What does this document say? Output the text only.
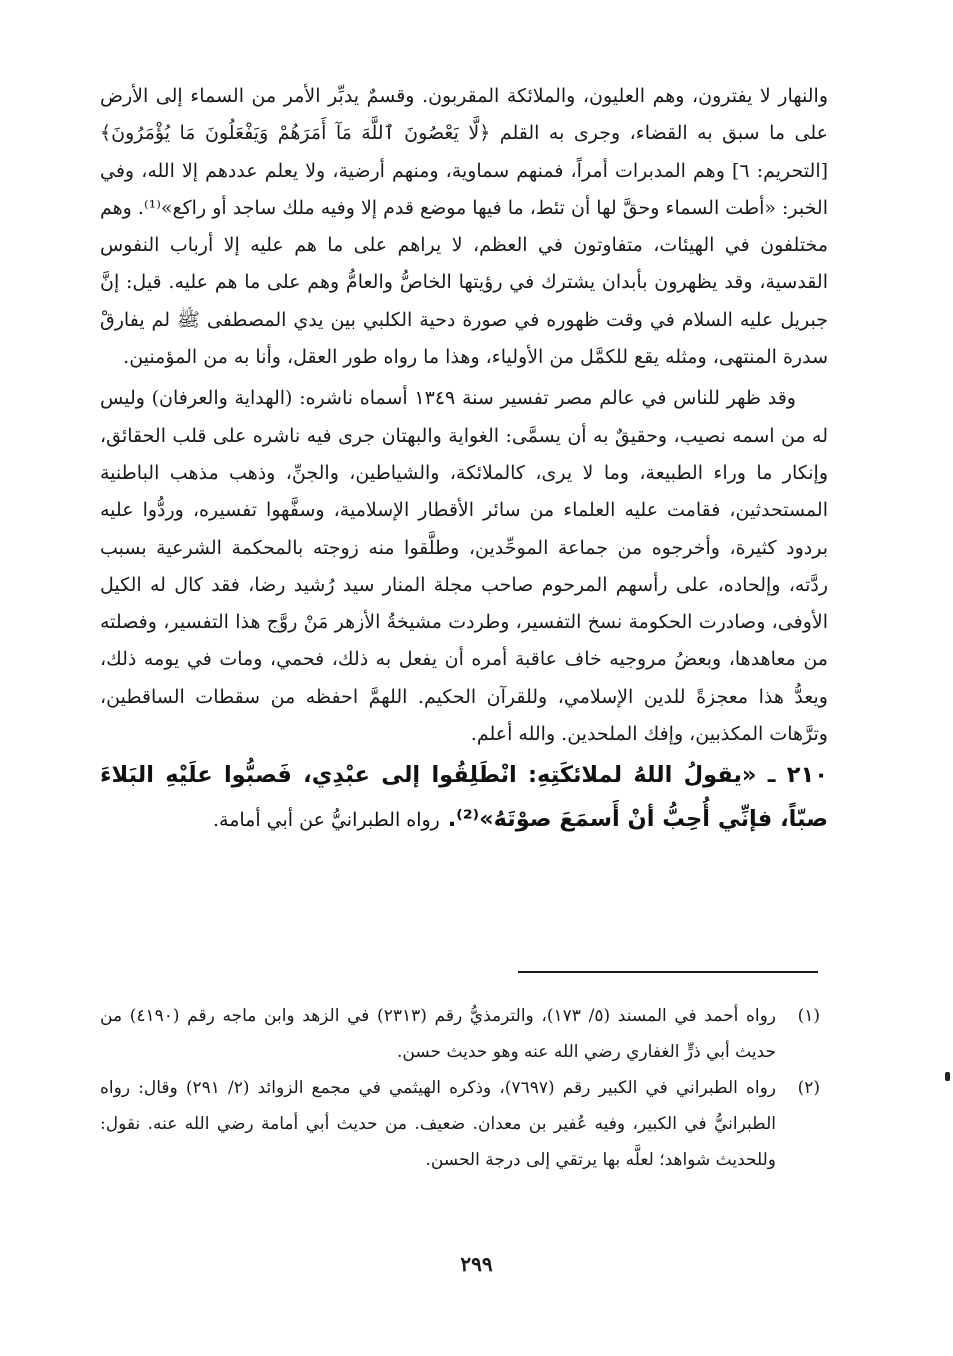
والنهار لا يفترون، وهم العليون، والملائكة المقربون. وقسمٌ يدبِّر الأمر من السماء إلى الأرض على ما سبق به القضاء، وجرى به القلم ﴿لَّا يَعْصُونَ ٱللَّهَ مَآ أَمَرَهُمْ وَيَفْعَلُونَ مَا يُؤْمَرُونَ﴾ [التحريم: ٦] وهم المدبرات أمراً، فمنهم سماوية، ومنهم أرضية، ولا يعلم عددهم إلا الله، وفي الخبر: «أطت السماء وحقَّ لها أن تئط، ما فيها موضع قدم إلا وفيه ملك ساجد أو راكع»⁽¹⁾. وهم مختلفون في الهيئات، متفاوتون في العظم، لا يراهم على ما هم عليه إلا أرباب النفوس القدسية، وقد يظهرون بأبدان يشترك في رؤيتها الخاصُّ والعامُّ وهم على ما هم عليه. قيل: إنَّ جبريل عليه السلام في وقت ظهوره في صورة دحية الكلبي بين يدي المصطفى ﷺ لم يفارقْ سدرة المنتهى، ومثله يقع للكمَّل من الأولياء، وهذا ما رواه طور العقل، وأنا به من المؤمنين.

وقد ظهر للناس في عالم مصر تفسير سنة ١٣٤٩ أسماه ناشره: (الهداية والعرفان) وليس له من اسمه نصيب، وحقيقٌ به أن يسمَّى: الغواية والبهتان جرى فيه ناشره على قلب الحقائق، وإنكار ما وراء الطبيعة، وما لا يرى، كالملائكة، والشياطين، والجنِّ، وذهب مذهب الباطنية المستحدثين، فقامت عليه العلماء من سائر الأقطار الإسلامية، وسفَّهوا تفسيره، وردُّوا عليه بردود كثيرة، وأخرجوه من جماعة الموحِّدين، وطلَّقوا منه زوجته بالمحكمة الشرعية بسبب ردَّته، وإلحاده، على رأسهم المرحوم صاحب مجلة المنار سيد رُشيد رضا، فقد كال له الكيل الأوفى، وصادرت الحكومة نسخ التفسير، وطردت مشيخةُ الأزهر مَنْ روَّج هذا التفسير، وفصلته من معاهدها، وبعضُ مروجيه خاف عاقبة أمره أن يفعل به ذلك، فحمي، ومات في يومه ذلك، ويعدُّ هذا معجزةً للدين الإسلامي، وللقرآن الحكيم. اللهمَّ احفظه من سقطات الساقطين، وترَّهات المكذبين، وإفك الملحدين. والله أعلم.

٢١٠ ـ «يقولُ اللهُ لملائكَتِهِ: انْطَلِقُوا إلى عبْدِي، فَصبُّوا علَيْهِ البَلاءَ صبّاً، فإنِّي أُحِبُّ أنْ أَسمَعَ صوْتَهُ»⁽²⁾. رواه الطبرانيُّ عن أبي أمامة.

(١)
رواه أحمد في المسند (٥/ ١٧٣)، والترمذيُّ رقم (٢٣١٣) في الزهد وابن ماجه رقم (٤١٩٠) من حديث أبي ذرٍّ الغفاري رضي الله عنه وهو حديث حسن.
(٢)
رواه الطبراني في الكبير رقم (٧٦٩٧)، وذكره الهيثمي في مجمع الزوائد (٢/ ٢٩١) وقال: رواه الطبرانيُّ في الكبير، وفيه عُفير بن معدان. ضعيف. من حديث أبي أمامة رضي الله عنه. نقول: وللحديث شواهد؛ لعلَّه بها يرتقي إلى درجة الحسن.
٢٩٩
